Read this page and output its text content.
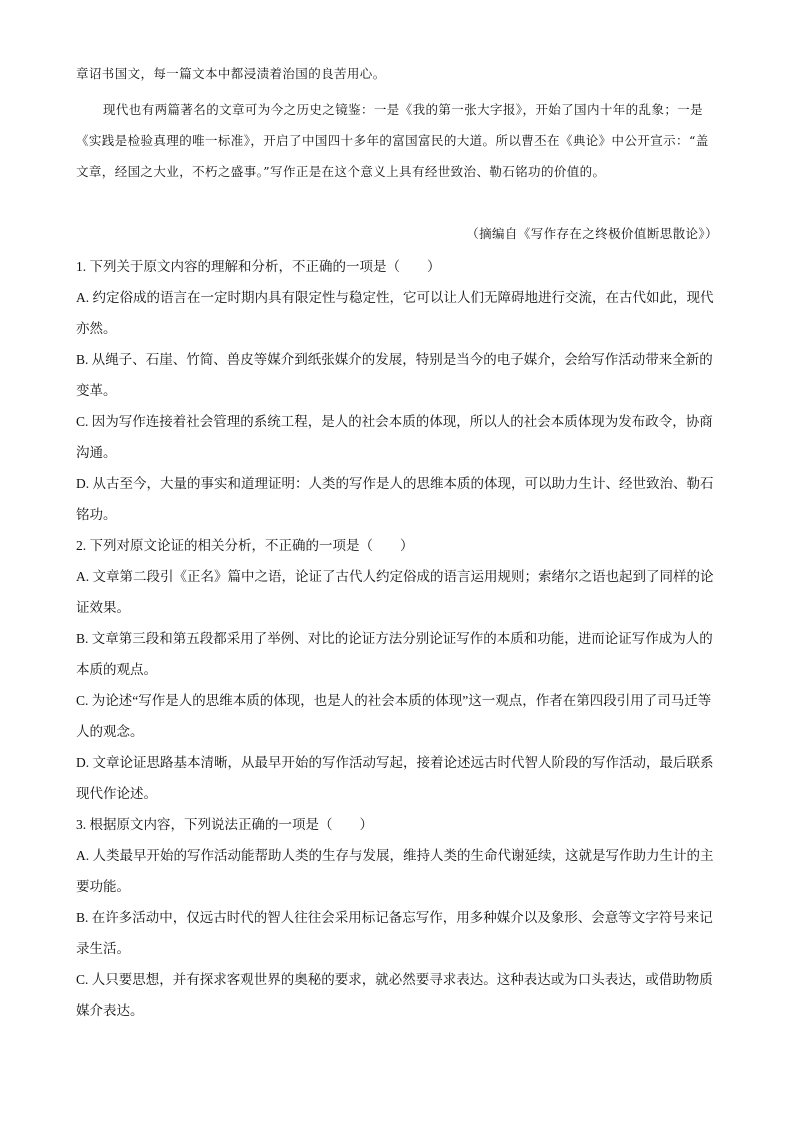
章诏书国文，每一篇文本中都浸渍着治国的良苦用心。
现代也有两篇著名的文章可为今之历史之镜鉴：一是《我的第一张大字报》，开始了国内十年的乱象；一是《实践是检验真理的唯一标准》，开启了中国四十多年的富国富民的大道。所以曹丕在《典论》中公开宣示：“盖文章，经国之大业，不朽之盛事。”写作正是在这个意义上具有经世致治、勒石铭功的价值的。
（摘编自《写作存在之终极价值断思散论》）
1. 下列关于原文内容的理解和分析，不正确的一项是（　　）
A. 约定俗成的语言在一定时期内具有限定性与稳定性，它可以让人们无障碍地进行交流，在古代如此，现代亦然。
B. 从绳子、石崖、竹简、兽皮等媒介到纸张媒介的发展，特别是当今的电子媒介，会给写作活动带来全新的变革。
C. 因为写作连接着社会管理的系统工程，是人的社会本质的体现，所以人的社会本质体现为发布政令，协商沟通。
D. 从古至今，大量的事实和道理证明：人类的写作是人的思维本质的体现，可以助力生计、经世致治、勒石铭功。
2. 下列对原文论证的相关分析，不正确的一项是（　　）
A. 文章第二段引《正名》篇中之语，论证了古代人约定俗成的语言运用规则；索绪尔之语也起到了同样的论证效果。
B. 文章第三段和第五段都采用了举例、对比的论证方法分别论证写作的本质和功能，进而论证写作成为人的本质的观点。
C. 为论述“写作是人的思维本质的体现，也是人的社会本质的体现”这一观点，作者在第四段引用了司马迁等人的观念。
D. 文章论证思路基本清晰，从最早开始的写作活动写起，接着论述远古时代智人阶段的写作活动，最后联系现代作论述。
3. 根据原文内容，下列说法正确的一项是（　　）
A. 人类最早开始的写作活动能帮助人类的生存与发展，维持人类的生命代谢延续，这就是写作助力生计的主要功能。
B. 在许多活动中，仅远古时代的智人往往会采用标记备忘写作，用多种媒介以及象形、会意等文字符号来记录生活。
C. 人只要思想，并有探求客观世界的奥秘的要求，就必然要寻求表达。这种表达或为口头表达，或借助物质媒介表达。
